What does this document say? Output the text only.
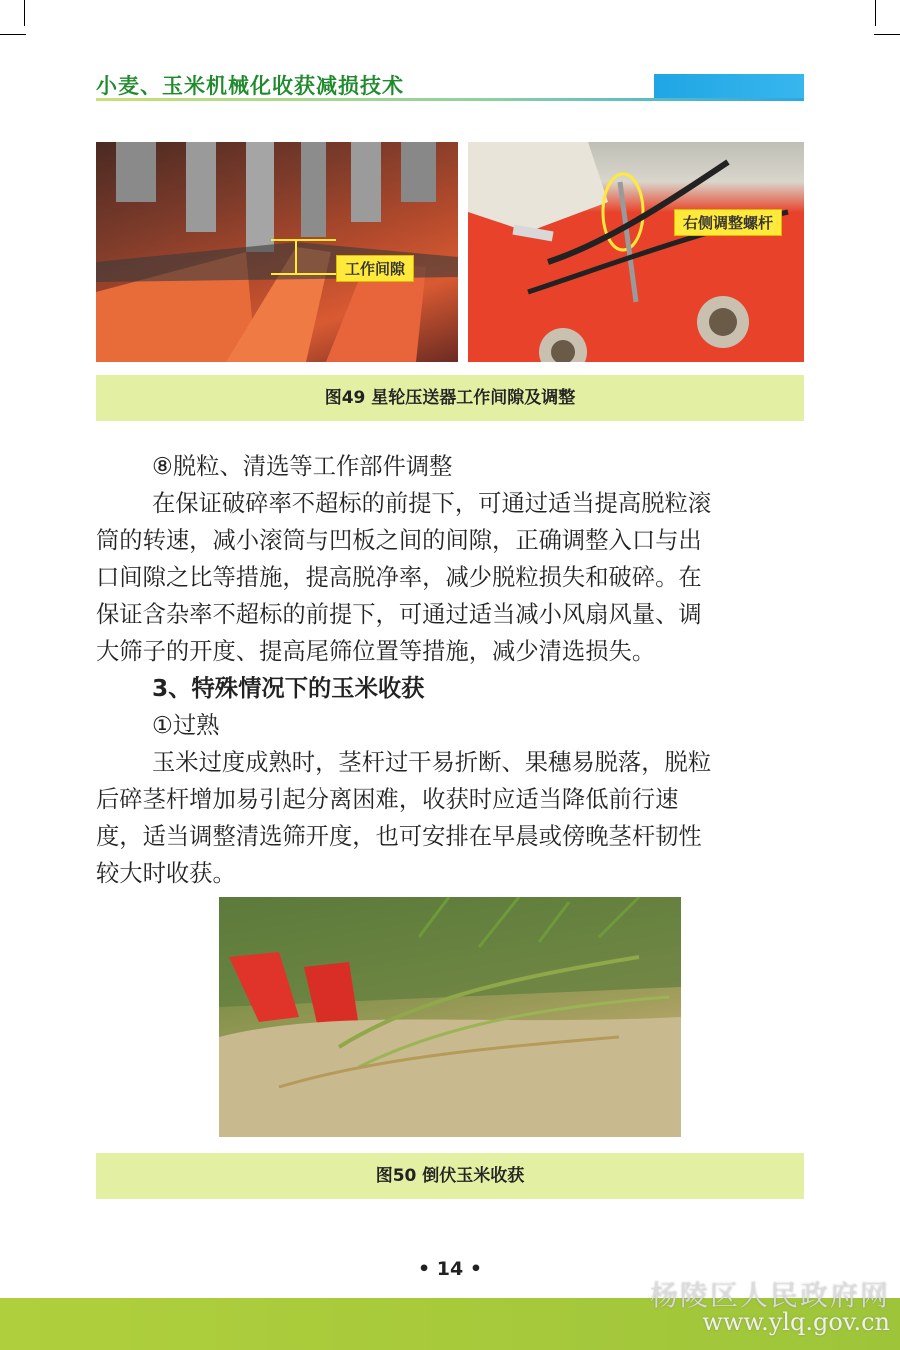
小麦、玉米机械化收获减损技术
工作间隙
右侧调整螺杆
图49 星轮压送器工作间隙及调整
⑧脱粒、清选等工作部件调整
在保证破碎率不超标的前提下，可通过适当提高脱粒滚
筒的转速，减小滚筒与凹板之间的间隙，正确调整入口与出
口间隙之比等措施，提高脱净率，减少脱粒损失和破碎。在
保证含杂率不超标的前提下，可通过适当减小风扇风量、调
大筛子的开度、提高尾筛位置等措施，减少清选损失。
3、特殊情况下的玉米收获
①过熟
玉米过度成熟时，茎杆过干易折断、果穗易脱落，脱粒
后碎茎杆增加易引起分离困难，收获时应适当降低前行速
度，适当调整清选筛开度，也可安排在早晨或傍晚茎杆韧性
较大时收获。
图50 倒伏玉米收获
• 14 •
杨陵区人民政府网
www.ylq.gov.cn
